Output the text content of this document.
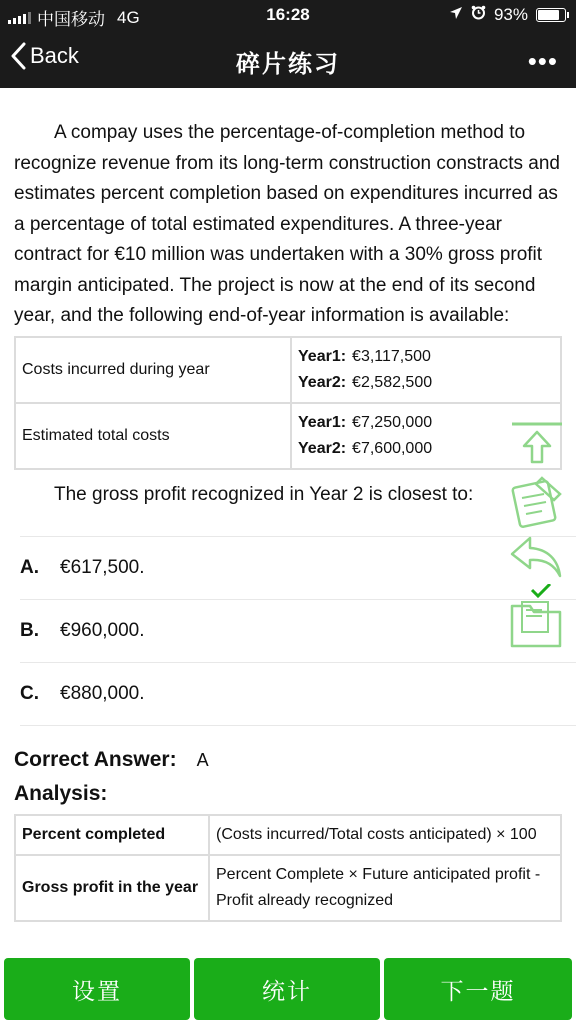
中国移动 4G	16:28	93%
Back	碎片练习	•••
A compay uses the percentage-of-completion method to recognize revenue from its long-term construction constracts and estimates percent completion based on expenditures incurred as a percentage of total estimated expenditures. A three-year contract for €10 million was undertaken with a 30% gross profit margin anticipated. The project is now at the end of its second year, and the following end-of-year information is available:
Costs incurred during year	Year1: €3,117,500
Year2: €2,582,500

Estimated total costs	Year1: €7,250,000
Year2: €7,600,000
The gross profit recognized in Year 2 is closest to:
A.	€617,500.
B.	€960,000.
C.	€880,000.
Correct Answer: A
Analysis:
Percent completed	(Costs incurred/Total costs anticipated) × 100
Gross profit in the year	Percent Complete × Future anticipated profit - Profit already recognized
设置	统计	下一题
